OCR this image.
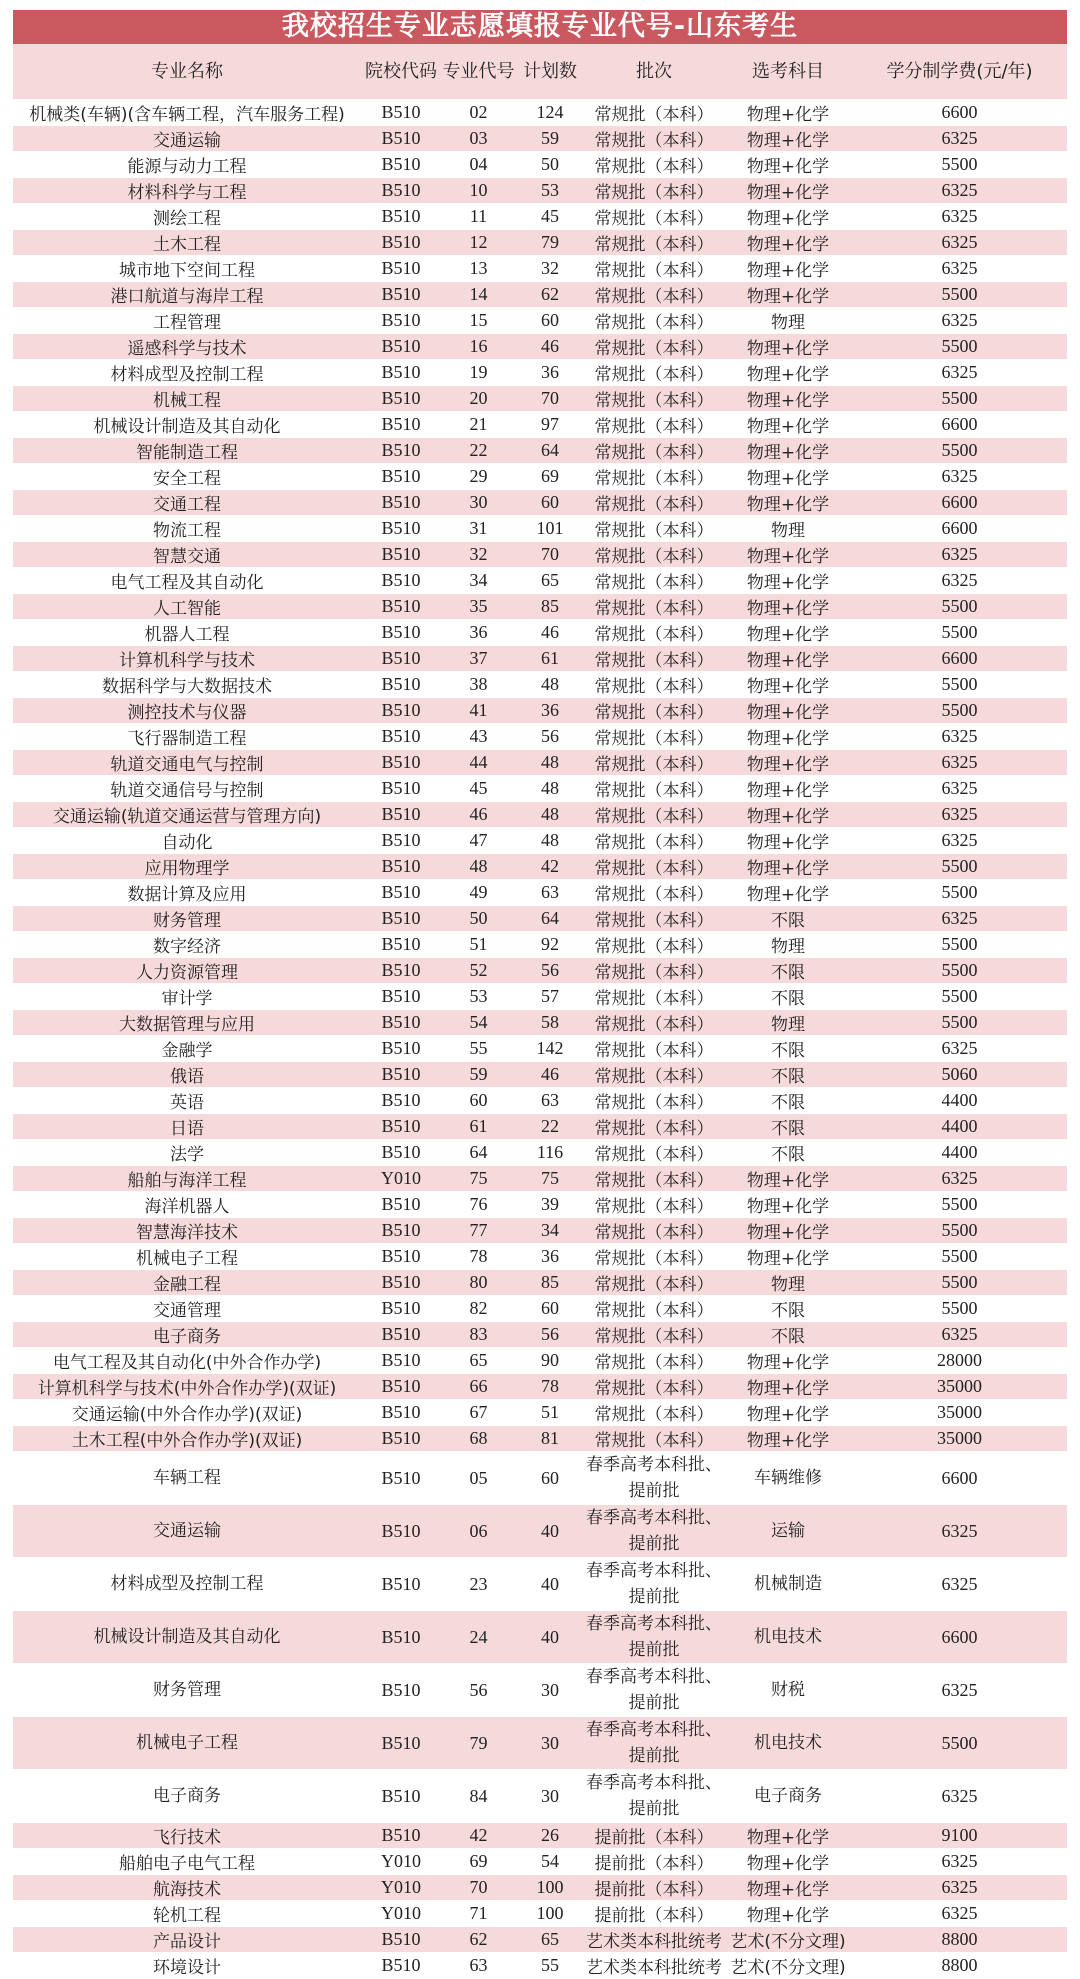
我校招生专业志愿填报专业代号-山东考生
专业名称	院校代码	专业代号	计划数	批次	选考科目	学分制学费(元/年)
机械类(车辆)(含车辆工程，汽车服务工程)	B510	02	124	常规批（本科）	物理+化学	6600
交通运输	B510	03	59	常规批（本科）	物理+化学	6325
能源与动力工程	B510	04	50	常规批（本科）	物理+化学	5500
材料科学与工程	B510	10	53	常规批（本科）	物理+化学	6325
测绘工程	B510	11	45	常规批（本科）	物理+化学	6325
土木工程	B510	12	79	常规批（本科）	物理+化学	6325
城市地下空间工程	B510	13	32	常规批（本科）	物理+化学	6325
港口航道与海岸工程	B510	14	62	常规批（本科）	物理+化学	5500
工程管理	B510	15	60	常规批（本科）	物理	6325
遥感科学与技术	B510	16	46	常规批（本科）	物理+化学	5500
材料成型及控制工程	B510	19	36	常规批（本科）	物理+化学	6325
机械工程	B510	20	70	常规批（本科）	物理+化学	5500
机械设计制造及其自动化	B510	21	97	常规批（本科）	物理+化学	6600
智能制造工程	B510	22	64	常规批（本科）	物理+化学	5500
安全工程	B510	29	69	常规批（本科）	物理+化学	6325
交通工程	B510	30	60	常规批（本科）	物理+化学	6600
物流工程	B510	31	101	常规批（本科）	物理	6600
智慧交通	B510	32	70	常规批（本科）	物理+化学	6325
电气工程及其自动化	B510	34	65	常规批（本科）	物理+化学	6325
人工智能	B510	35	85	常规批（本科）	物理+化学	5500
机器人工程	B510	36	46	常规批（本科）	物理+化学	5500
计算机科学与技术	B510	37	61	常规批（本科）	物理+化学	6600
数据科学与大数据技术	B510	38	48	常规批（本科）	物理+化学	5500
测控技术与仪器	B510	41	36	常规批（本科）	物理+化学	5500
飞行器制造工程	B510	43	56	常规批（本科）	物理+化学	6325
轨道交通电气与控制	B510	44	48	常规批（本科）	物理+化学	6325
轨道交通信号与控制	B510	45	48	常规批（本科）	物理+化学	6325
交通运输(轨道交通运营与管理方向)	B510	46	48	常规批（本科）	物理+化学	6325
自动化	B510	47	48	常规批（本科）	物理+化学	6325
应用物理学	B510	48	42	常规批（本科）	物理+化学	5500
数据计算及应用	B510	49	63	常规批（本科）	物理+化学	5500
财务管理	B510	50	64	常规批（本科）	不限	6325
数字经济	B510	51	92	常规批（本科）	物理	5500
人力资源管理	B510	52	56	常规批（本科）	不限	5500
审计学	B510	53	57	常规批（本科）	不限	5500
大数据管理与应用	B510	54	58	常规批（本科）	物理	5500
金融学	B510	55	142	常规批（本科）	不限	6325
俄语	B510	59	46	常规批（本科）	不限	5060
英语	B510	60	63	常规批（本科）	不限	4400
日语	B510	61	22	常规批（本科）	不限	4400
法学	B510	64	116	常规批（本科）	不限	4400
船舶与海洋工程	Y010	75	75	常规批（本科）	物理+化学	6325
海洋机器人	B510	76	39	常规批（本科）	物理+化学	5500
智慧海洋技术	B510	77	34	常规批（本科）	物理+化学	5500
机械电子工程	B510	78	36	常规批（本科）	物理+化学	5500
金融工程	B510	80	85	常规批（本科）	物理	5500
交通管理	B510	82	60	常规批（本科）	不限	5500
电子商务	B510	83	56	常规批（本科）	不限	6325
电气工程及其自动化(中外合作办学)	B510	65	90	常规批（本科）	物理+化学	28000
计算机科学与技术(中外合作办学)(双证)	B510	66	78	常规批（本科）	物理+化学	35000
交通运输(中外合作办学)(双证)	B510	67	51	常规批（本科）	物理+化学	35000
土木工程(中外合作办学)(双证)	B510	68	81	常规批（本科）	物理+化学	35000
车辆工程	B510	05	60	春季高考本科批、提前批	车辆维修	6600
交通运输	B510	06	40	春季高考本科批、提前批	运输	6325
材料成型及控制工程	B510	23	40	春季高考本科批、提前批	机械制造	6325
机械设计制造及其自动化	B510	24	40	春季高考本科批、提前批	机电技术	6600
财务管理	B510	56	30	春季高考本科批、提前批	财税	6325
机械电子工程	B510	79	30	春季高考本科批、提前批	机电技术	5500
电子商务	B510	84	30	春季高考本科批、提前批	电子商务	6325
飞行技术	B510	42	26	提前批（本科）	物理+化学	9100
船舶电子电气工程	Y010	69	54	提前批（本科）	物理+化学	6325
航海技术	Y010	70	100	提前批（本科）	物理+化学	6325
轮机工程	Y010	71	100	提前批（本科）	物理+化学	6325
产品设计	B510	62	65	艺术类本科批统考	艺术(不分文理)	8800
环境设计	B510	63	55	艺术类本科批统考	艺术(不分文理)	8800
